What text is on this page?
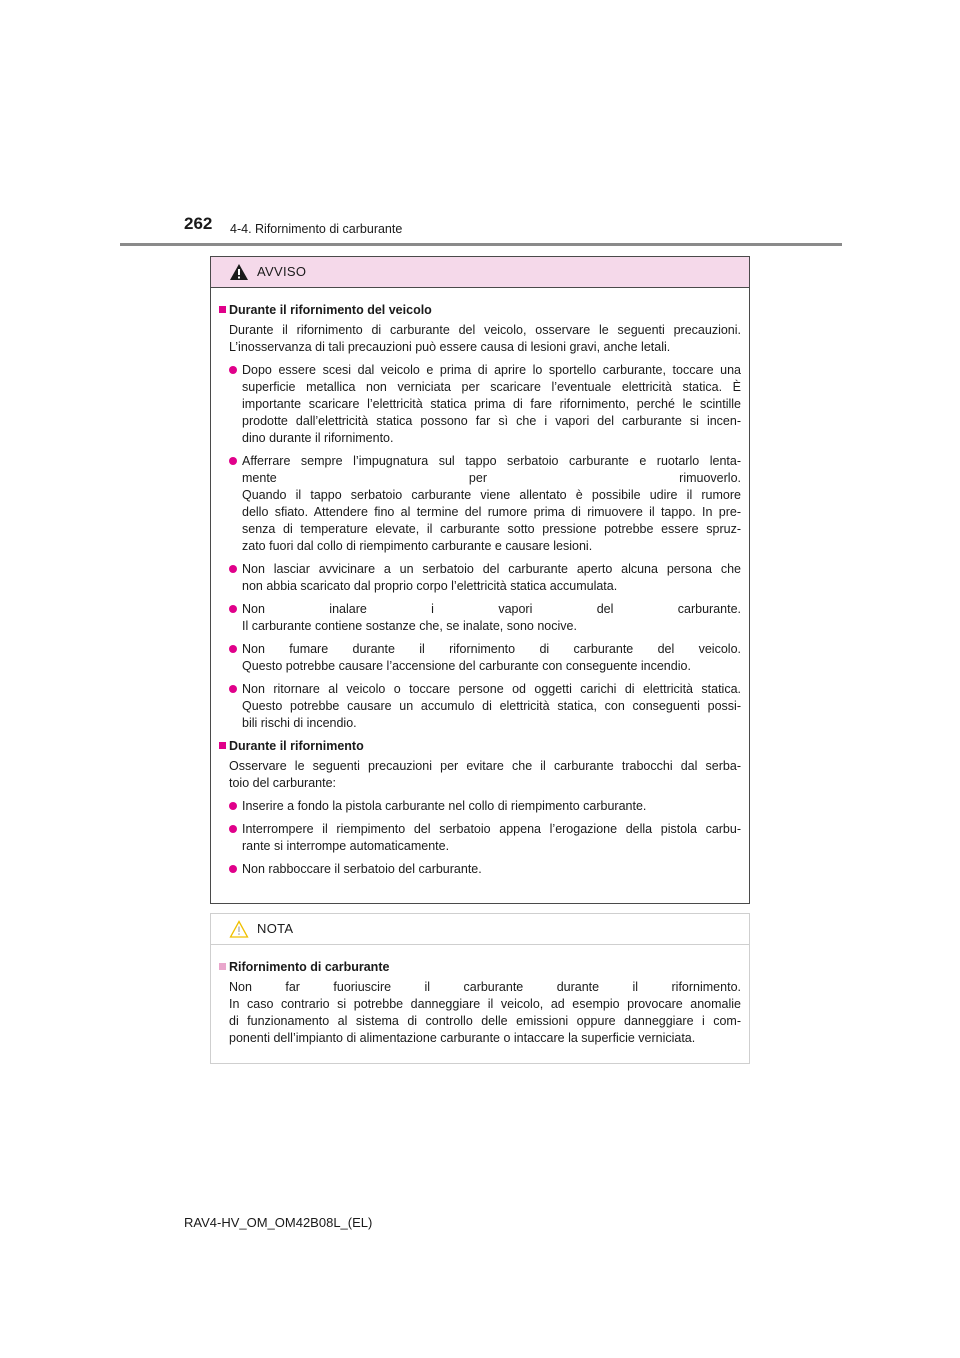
262 4-4. Rifornimento di carburante
AVVISO
Durante il rifornimento del veicolo
Durante il rifornimento di carburante del veicolo, osservare le seguenti precauzioni.
L’inosservanza di tali precauzioni può essere causa di lesioni gravi, anche letali.
Dopo essere scesi dal veicolo e prima di aprire lo sportello carburante, toccare una
superficie metallica non verniciata per scaricare l’eventuale elettricità statica. È
importante scaricare l’elettricità statica prima di fare rifornimento, perché le scintille
prodotte dall’elettricità statica possono far sì che i vapori del carburante si incen-
dino durante il rifornimento.
Afferrare sempre l’impugnatura sul tappo serbatoio carburante e ruotarlo lenta-
mente per rimuoverlo.
Quando il tappo serbatoio carburante viene allentato è possibile udire il rumore
dello sfiato. Attendere fino al termine del rumore prima di rimuovere il tappo. In pre-
senza di temperature elevate, il carburante sotto pressione potrebbe essere spruz-
zato fuori dal collo di riempimento carburante e causare lesioni.
Non lasciar avvicinare a un serbatoio del carburante aperto alcuna persona che
non abbia scaricato dal proprio corpo l’elettricità statica accumulata.
Non inalare i vapori del carburante.
Il carburante contiene sostanze che, se inalate, sono nocive.
Non fumare durante il rifornimento di carburante del veicolo.
Questo potrebbe causare l’accensione del carburante con conseguente incendio.
Non ritornare al veicolo o toccare persone od oggetti carichi di elettricità statica.
Questo potrebbe causare un accumulo di elettricità statica, con conseguenti possi-
bili rischi di incendio.
Durante il rifornimento
Osservare le seguenti precauzioni per evitare che il carburante trabocchi dal serba-
toio del carburante:
Inserire a fondo la pistola carburante nel collo di riempimento carburante.
Interrompere il riempimento del serbatoio appena l’erogazione della pistola carbu-
rante si interrompe automaticamente.
Non rabboccare il serbatoio del carburante.
NOTA
Rifornimento di carburante
Non far fuoriuscire il carburante durante il rifornimento.
In caso contrario si potrebbe danneggiare il veicolo, ad esempio provocare anomalie
di funzionamento al sistema di controllo delle emissioni oppure danneggiare i com-
ponenti dell’impianto di alimentazione carburante o intaccare la superficie verniciata.
RAV4-HV_OM_OM42B08L_(EL)
